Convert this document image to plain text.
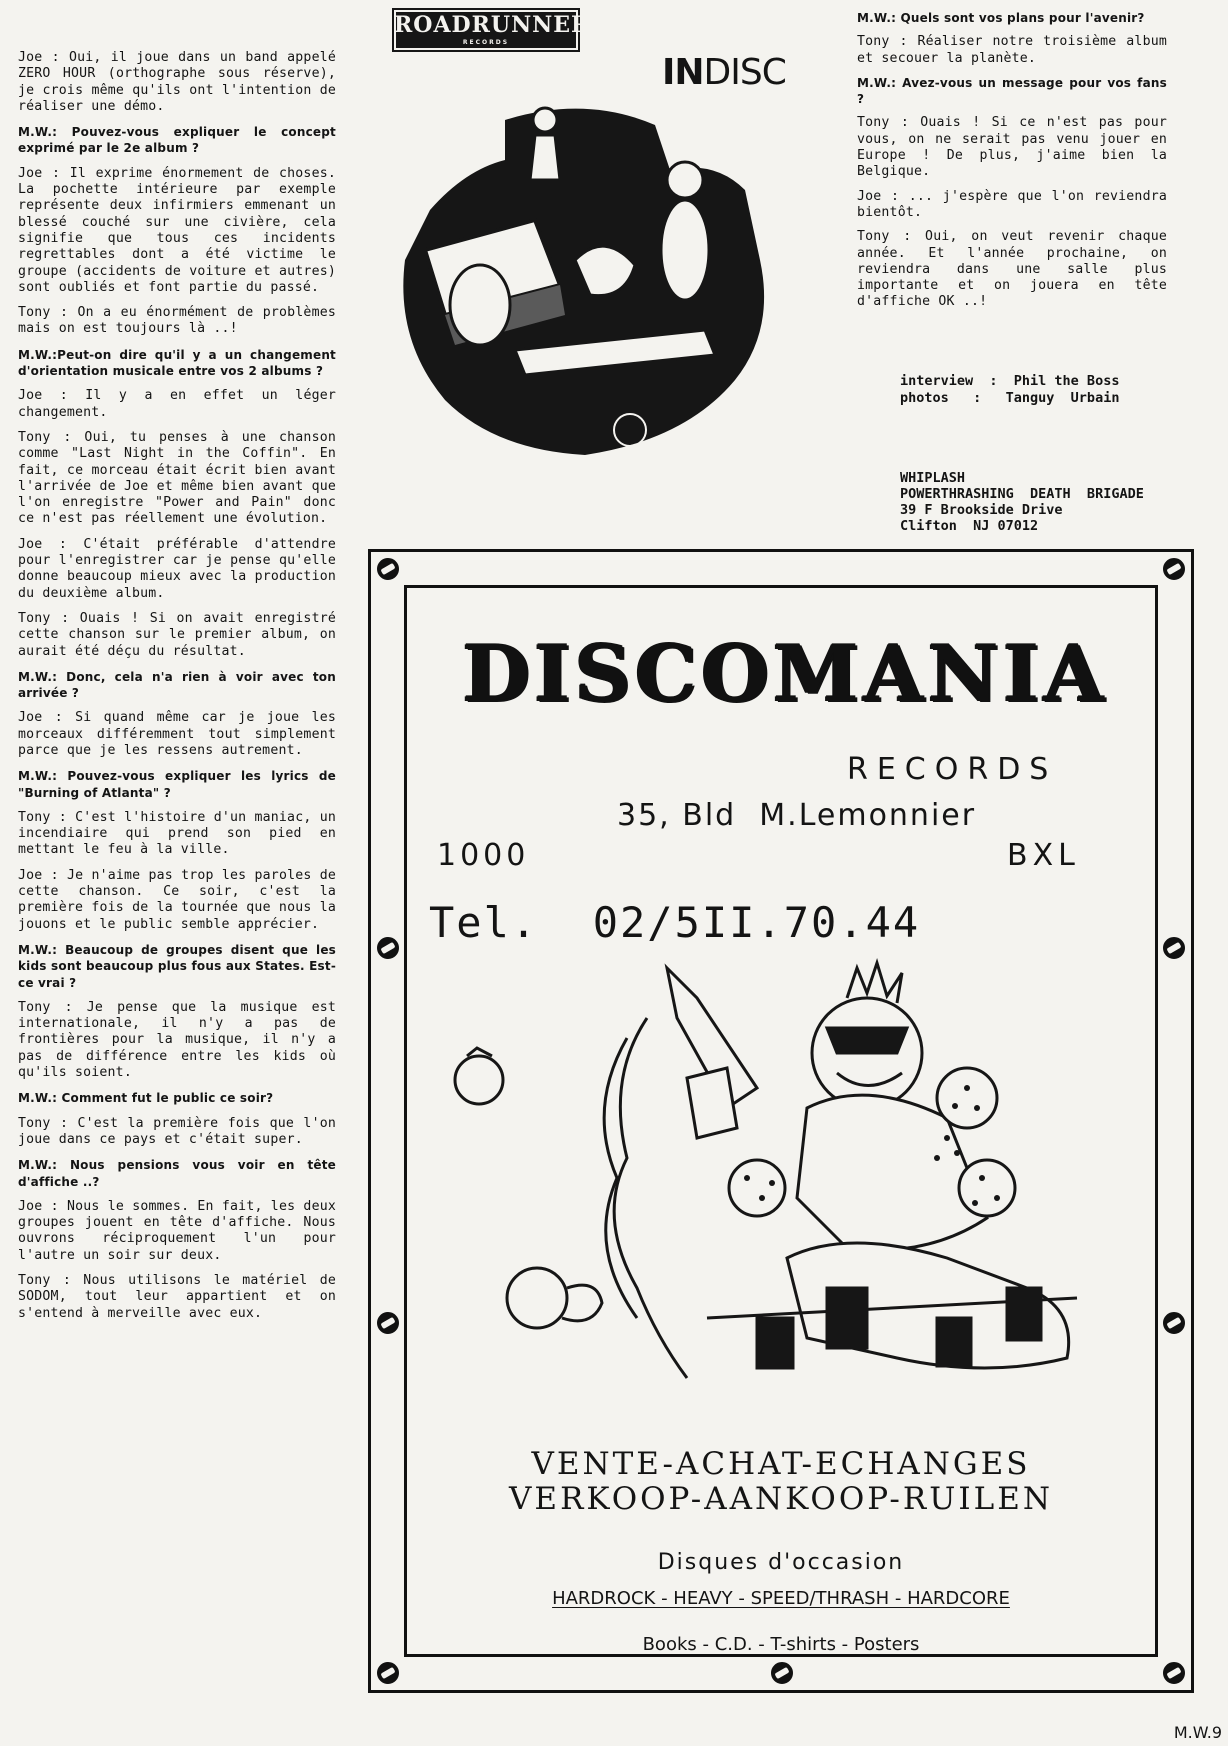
ROADRUNNER
RECORDS
INDISC

Joe : Oui, il joue dans un band appelé ZERO HOUR (orthographe sous réserve), je crois même qu'ils ont l'intention de réaliser une démo.

M.W.: Pouvez-vous expliquer le concept exprimé par le 2e album ?

Joe : Il exprime énormement de choses. La pochette intérieure par exemple représente deux infirmiers emmenant un blessé couché sur une civière, cela signifie que tous ces incidents regrettables dont a été victime le groupe (accidents de voiture et autres) sont oubliés et font partie du passé.

Tony : On a eu énormément de problèmes mais on est toujours là ..!

M.W.:Peut-on dire qu'il y a un changement d'orientation musicale entre vos 2 albums ?

Joe : Il y a en effet un léger changement.

Tony : Oui, tu penses à une chanson comme "Last Night in the Coffin". En fait, ce morceau était écrit bien avant l'arrivée de Joe et même bien avant que l'on enregistre "Power and Pain" donc ce n'est pas réellement une évolution.

Joe : C'était préférable d'attendre pour l'enregistrer car je pense qu'elle donne beaucoup mieux avec la production du deuxième album.

Tony : Ouais ! Si on avait enregistré cette chanson sur le premier album, on aurait été déçu du résultat.

M.W.: Donc, cela n'a rien à voir avec ton arrivée ?

Joe : Si quand même car je joue les morceaux différemment tout simplement parce que je les ressens autrement.

M.W.: Pouvez-vous expliquer les lyrics de "Burning of Atlanta" ?

Tony : C'est l'histoire d'un maniac, un incendiaire qui prend son pied en mettant le feu à la ville.

Joe : Je n'aime pas trop les paroles de cette chanson. Ce soir, c'est la première fois de la tournée que nous la jouons et le public semble apprécier.

M.W.: Beaucoup de groupes disent que les kids sont beaucoup plus fous aux States. Est-ce vrai ?

Tony : Je pense que la musique est internationale, il n'y a pas de frontières pour la musique, il n'y a pas de différence entre les kids où qu'ils soient.

M.W.: Comment fut le public ce soir?

Tony : C'est la première fois que l'on joue dans ce pays et c'était super.

M.W.: Nous pensions vous voir en tête d'affiche ..?

Joe : Nous le sommes. En fait, les deux groupes jouent en tête d'affiche. Nous ouvrons réciproquement l'un pour l'autre un soir sur deux.

Tony : Nous utilisons le matériel de SODOM, tout leur appartient et on s'entend à merveille avec eux.

M.W.: Quels sont vos plans pour l'avenir?

Tony : Réaliser notre troisième album et secouer la planète.

M.W.: Avez-vous un message pour vos fans ?

Tony : Ouais ! Si ce n'est pas pour vous, on ne serait pas venu jouer en Europe ! De plus, j'aime bien la Belgique.

Joe : ... j'espère que l'on reviendra bientôt.

Tony : Oui, on veut revenir chaque année. Et l'année prochaine, on reviendra dans une salle plus importante et on jouera en tête d'affiche OK ..!

interview  :  Phil the Boss
photos   :   Tanguy  Urbain
WHIPLASH
POWERTHRASHING  DEATH  BRIGADE
39 F Brookside Drive
Clifton  NJ 07012
DISCOMANIA
RECORDS
35, Bld  M.Lemonnier
1000	BXL
Tel.  02/5II.70.44
VENTE-ACHAT-ECHANGES
VERKOOP-AANKOOP-RUILEN
Disques d'occasion
HARDROCK - HEAVY - SPEED/THRASH - HARDCORE
Books - C.D. - T-shirts - Posters
M.W.9
